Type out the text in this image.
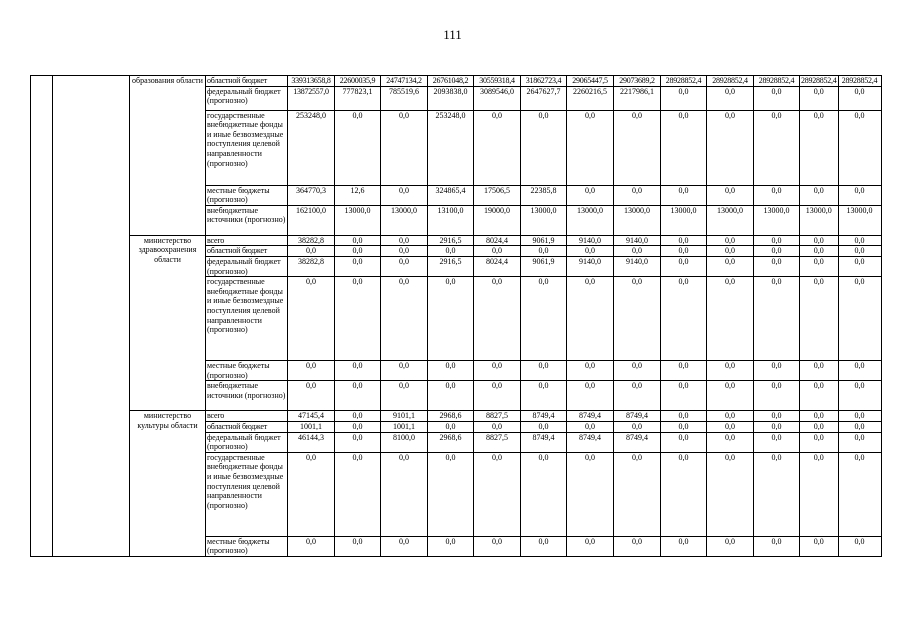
111
		образования области	областной бюджет	339313658,8	22600035,9	24747134,2	26761048,2	30559318,4	31862723,4	29065447,5	29073689,2	28928852,4	28928852,4	28928852,4	28928852,4	28928852,4
			федеральный бюджет (прогнозно)	13872557,0	777823,1	785519,6	2093838,0	3089546,0	2647627,7	2260216,5	2217986,1	0,0	0,0	0,0	0,0	0,0
			государственные внебюджетные фонды и иные безвозмездные поступления целевой направленности (прогнозно)	253248,0	0,0	0,0	253248,0	0,0	0,0	0,0	0,0	0,0	0,0	0,0	0,0	0,0
			местные бюджеты (прогнозно)	364770,3	12,6	0,0	324865,4	17506,5	22385,8	0,0	0,0	0,0	0,0	0,0	0,0	0,0
			внебюджетные источники (прогнозно)	162100,0	13000,0	13000,0	13100,0	19000,0	13000,0	13000,0	13000,0	13000,0	13000,0	13000,0	13000,0	13000,0
		министерство здравоохранения области	всего	38282,8	0,0	0,0	2916,5	8024,4	9061,9	9140,0	9140,0	0,0	0,0	0,0	0,0	0,0
			областной бюджет	0,0	0,0	0,0	0,0	0,0	0,0	0,0	0,0	0,0	0,0	0,0	0,0	0,0
			федеральный бюджет (прогнозно)	38282,8	0,0	0,0	2916,5	8024,4	9061,9	9140,0	9140,0	0,0	0,0	0,0	0,0	0,0
			государственные внебюджетные фонды и иные безвозмездные поступления целевой направленности (прогнозно)	0,0	0,0	0,0	0,0	0,0	0,0	0,0	0,0	0,0	0,0	0,0	0,0	0,0
			местные бюджеты (прогнозно)	0,0	0,0	0,0	0,0	0,0	0,0	0,0	0,0	0,0	0,0	0,0	0,0	0,0
			внебюджетные источники (прогнозно)	0,0	0,0	0,0	0,0	0,0	0,0	0,0	0,0	0,0	0,0	0,0	0,0	0,0
		министерство культуры области	всего	47145,4	0,0	9101,1	2968,6	8827,5	8749,4	8749,4	8749,4	0,0	0,0	0,0	0,0	0,0
			областной бюджет	1001,1	0,0	1001,1	0,0	0,0	0,0	0,0	0,0	0,0	0,0	0,0	0,0	0,0
			федеральный бюджет (прогнозно)	46144,3	0,0	8100,0	2968,6	8827,5	8749,4	8749,4	8749,4	0,0	0,0	0,0	0,0	0,0
			государственные внебюджетные фонды и иные безвозмездные поступления целевой направленности (прогнозно)	0,0	0,0	0,0	0,0	0,0	0,0	0,0	0,0	0,0	0,0	0,0	0,0	0,0
			местные бюджеты (прогнозно)	0,0	0,0	0,0	0,0	0,0	0,0	0,0	0,0	0,0	0,0	0,0	0,0	0,0
